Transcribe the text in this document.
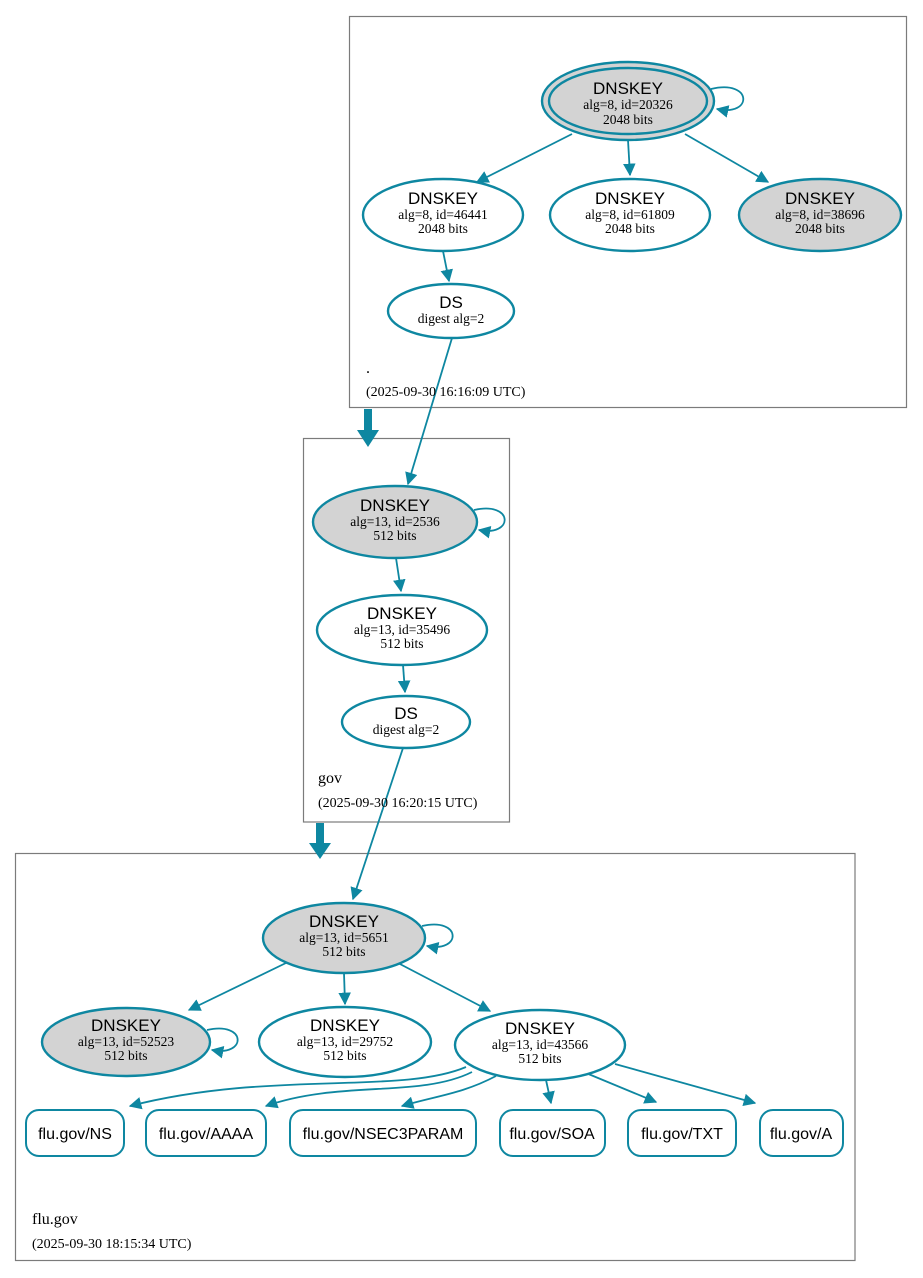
DNSKEY
alg=8, id=20326
2048 bits
DNSKEY
alg=8, id=46441
2048 bits
DNSKEY
alg=8, id=61809
2048 bits
DNSKEY
alg=8, id=38696
2048 bits
DS
digest alg=2
.
(2025-09-30 16:16:09 UTC)
DNSKEY
alg=13, id=2536
512 bits
DNSKEY
alg=13, id=35496
512 bits
DS
digest alg=2
gov
(2025-09-30 16:20:15 UTC)
DNSKEY
alg=13, id=5651
512 bits
DNSKEY
alg=13, id=52523
512 bits
DNSKEY
alg=13, id=29752
512 bits
DNSKEY
alg=13, id=43566
512 bits
flu.gov/NS	flu.gov/AAAA	flu.gov/NSEC3PARAM	flu.gov/SOA	flu.gov/TXT	flu.gov/A
flu.gov
(2025-09-30 18:15:34 UTC)
